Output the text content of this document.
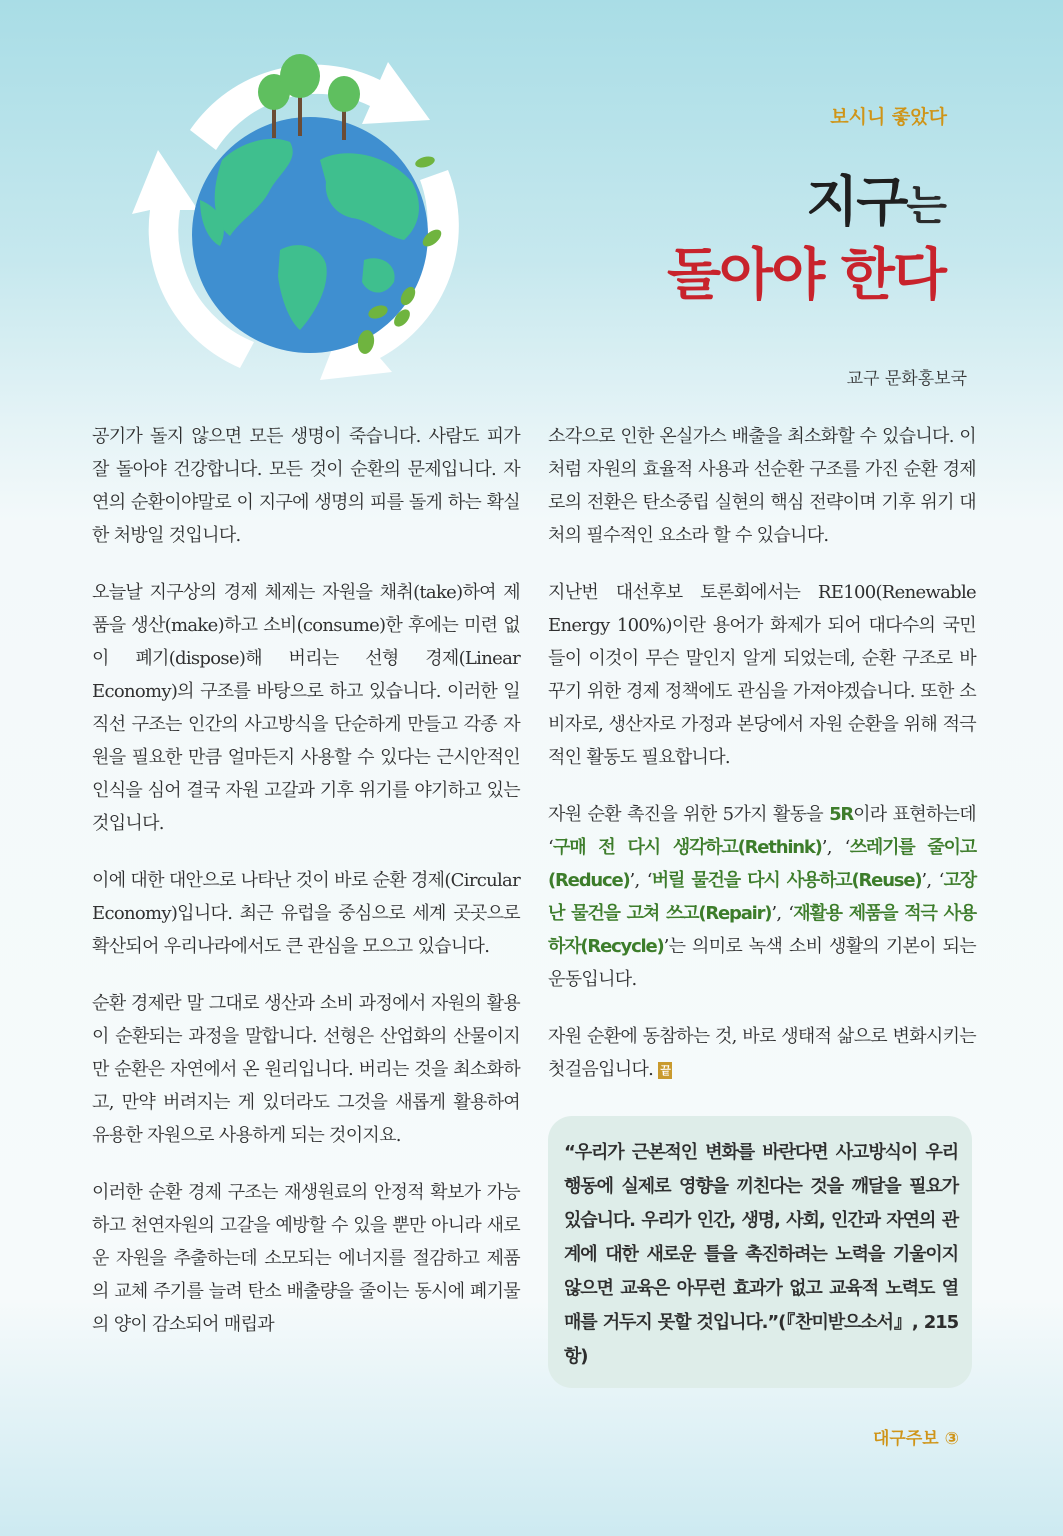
보시니 좋았다
지구는
돌아야 한다
교구 문화홍보국

공기가 돌지 않으면 모든 생명이 죽습니다. 사람도 피가 잘 돌아야 건강합니다. 모든 것이 순환의 문제입니다. 자연의 순환이야말로 이 지구에 생명의 피를 돌게 하는 확실한 처방일 것입니다.

오늘날 지구상의 경제 체제는 자원을 채취(take)하여 제품을 생산(make)하고 소비(consume)한 후에는 미련 없이 폐기(dispose)해 버리는 선형 경제(Linear Economy)의 구조를 바탕으로 하고 있습니다. 이러한 일직선 구조는 인간의 사고방식을 단순하게 만들고 각종 자원을 필요한 만큼 얼마든지 사용할 수 있다는 근시안적인 인식을 심어 결국 자원 고갈과 기후 위기를 야기하고 있는 것입니다.

이에 대한 대안으로 나타난 것이 바로 순환 경제(Circular Economy)입니다. 최근 유럽을 중심으로 세계 곳곳으로 확산되어 우리나라에서도 큰 관심을 모으고 있습니다.

순환 경제란 말 그대로 생산과 소비 과정에서 자원의 활용이 순환되는 과정을 말합니다. 선형은 산업화의 산물이지만 순환은 자연에서 온 원리입니다. 버리는 것을 최소화하고, 만약 버려지는 게 있더라도 그것을 새롭게 활용하여 유용한 자원으로 사용하게 되는 것이지요.

이러한 순환 경제 구조는 재생원료의 안정적 확보가 가능하고 천연자원의 고갈을 예방할 수 있을 뿐만 아니라 새로운 자원을 추출하는데 소모되는 에너지를 절감하고 제품의 교체 주기를 늘려 탄소 배출량을 줄이는 동시에 폐기물의 양이 감소되어 매립과

소각으로 인한 온실가스 배출을 최소화할 수 있습니다. 이처럼 자원의 효율적 사용과 선순환 구조를 가진 순환 경제로의 전환은 탄소중립 실현의 핵심 전략이며 기후 위기 대처의 필수적인 요소라 할 수 있습니다.

지난번 대선후보 토론회에서는 RE100(Renewable Energy 100%)이란 용어가 화제가 되어 대다수의 국민들이 이것이 무슨 말인지 알게 되었는데, 순환 구조로 바꾸기 위한 경제 정책에도 관심을 가져야겠습니다. 또한 소비자로, 생산자로 가정과 본당에서 자원 순환을 위해 적극적인 활동도 필요합니다.

자원 순환 촉진을 위한 5가지 활동을 5R이라 표현하는데 ‘구매 전 다시 생각하고(Rethink)’, ‘쓰레기를 줄이고(Reduce)’, ‘버릴 물건을 다시 사용하고(Reuse)’, ‘고장난 물건을 고쳐 쓰고(Repair)’, ‘재활용 제품을 적극 사용하자(Recycle)’는 의미로 녹색 소비 생활의 기본이 되는 운동입니다.

자원 순환에 동참하는 것, 바로 생태적 삶으로 변화시키는 첫걸음입니다. 끝

“우리가 근본적인 변화를 바란다면 사고방식이 우리 행동에 실제로 영향을 끼친다는 것을 깨달을 필요가 있습니다. 우리가 인간, 생명, 사회, 인간과 자연의 관계에 대한 새로운 틀을 촉진하려는 노력을 기울이지 않으면 교육은 아무런 효과가 없고 교육적 노력도 열매를 거두지 못할 것입니다.”(『찬미받으소서』, 215항)
대구주보 ③
